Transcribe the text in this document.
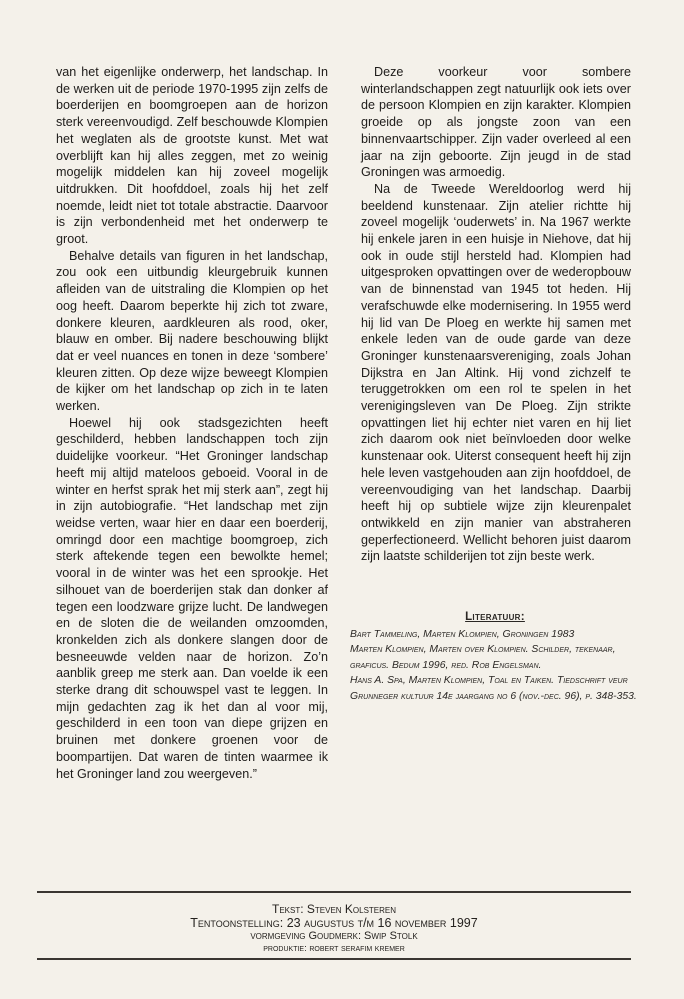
van het eigenlijke onderwerp, het landschap. In de werken uit de periode 1970-1995 zijn zelfs de boerderijen en boomgroepen aan de horizon sterk vereenvoudigd. Zelf beschouwde Klompien het weglaten als de grootste kunst. Met wat overblijft kan hij alles zeggen, met zo weinig mogelijk middelen kan hij zoveel mogelijk uitdrukken. Dit hoofddoel, zoals hij het zelf noemde, leidt niet tot totale abstractie. Daarvoor is zijn verbondenheid met het onderwerp te groot.

Behalve details van figuren in het landschap, zou ook een uitbundig kleurgebruik kunnen afleiden van de uitstraling die Klompien op het oog heeft. Daarom beperkte hij zich tot zware, donkere kleuren, aardkleuren als rood, oker, blauw en omber. Bij nadere beschouwing blijkt dat er veel nuances en tonen in deze ‘sombere’ kleuren zitten. Op deze wijze beweegt Klompien de kijker om het landschap op zich in te laten werken.

Hoewel hij ook stadsgezichten heeft geschilderd, hebben landschappen toch zijn duidelijke voorkeur. “Het Groninger landschap heeft mij altijd mateloos geboeid. Vooral in de winter en herfst sprak het mij sterk aan”, zegt hij in zijn autobiografie. “Het landschap met zijn weidse verten, waar hier en daar een boerderij, omringd door een machtige boomgroep, zich sterk aftekende tegen een bewolkte hemel; vooral in de winter was het een sprookje. Het silhouet van de boerderijen stak dan donker af tegen een loodzware grijze lucht. De landwegen en de sloten die de weilanden omzoomden, kronkelden zich als donkere slangen door de besneeuwde velden naar de horizon. Zo’n aanblik greep me sterk aan. Dan voelde ik een sterke drang dit schouwspel vast te leggen. In mijn gedachten zag ik het dan al voor mij, geschilderd in een toon van diepe grijzen en bruinen met donkere groenen voor de boompartijen. Dat waren de tinten waarmee ik het Groninger land zou weergeven.”

Deze voorkeur voor sombere winterlandschappen zegt natuurlijk ook iets over de persoon Klompien en zijn karakter. Klompien groeide op als jongste zoon van een binnenvaartschipper. Zijn vader overleed al een jaar na zijn geboorte. Zijn jeugd in de stad Groningen was armoedig.

Na de Tweede Wereldoorlog werd hij beeldend kunstenaar. Zijn atelier richtte hij zoveel mogelijk ‘ouderwets’ in. Na 1967 werkte hij enkele jaren in een huisje in Niehove, dat hij ook in oude stijl hersteld had. Klompien had uitgesproken opvattingen over de wederopbouw van de binnenstad van 1945 tot heden. Hij verafschuwde elke modernisering. In 1955 werd hij lid van De Ploeg en werkte hij samen met enkele leden van de oude garde van deze Groninger kunstenaarsvereniging, zoals Johan Dijkstra en Jan Altink. Hij vond zichzelf te teruggetrokken om een rol te spelen in het verenigingsleven van De Ploeg. Zijn strikte opvattingen liet hij echter niet varen en hij liet zich daarom ook niet beïnvloeden door welke kunstenaar ook. Uiterst consequent heeft hij zijn hele leven vastgehouden aan zijn hoofddoel, de vereenvoudiging van het landschap. Daarbij heeft hij op subtiele wijze zijn kleurenpalet ontwikkeld en zijn manier van abstraheren geperfectioneerd. Wellicht behoren juist daarom zijn laatste schilderijen tot zijn beste werk.

Literatuur:
Bart Tammeling, Marten Klompien, Groningen 1983
Marten Klompien, Marten over Klompien. Schilder, tekenaar, graficus. Bedum 1996, red. Rob Engelsman.
Hans A. Spa, Marten Klompien, Toal en Taiken. Tiedschrift veur Grunneger kultuur 14e jaargang no 6 (nov.-dec. 96), p. 348-353.
Tekst: Steven Kolsteren
Tentoonstelling: 23 augustus t/m 16 november 1997
vormgeving Goudmerk: Swip Stolk
produktie: robert serafim kremer
